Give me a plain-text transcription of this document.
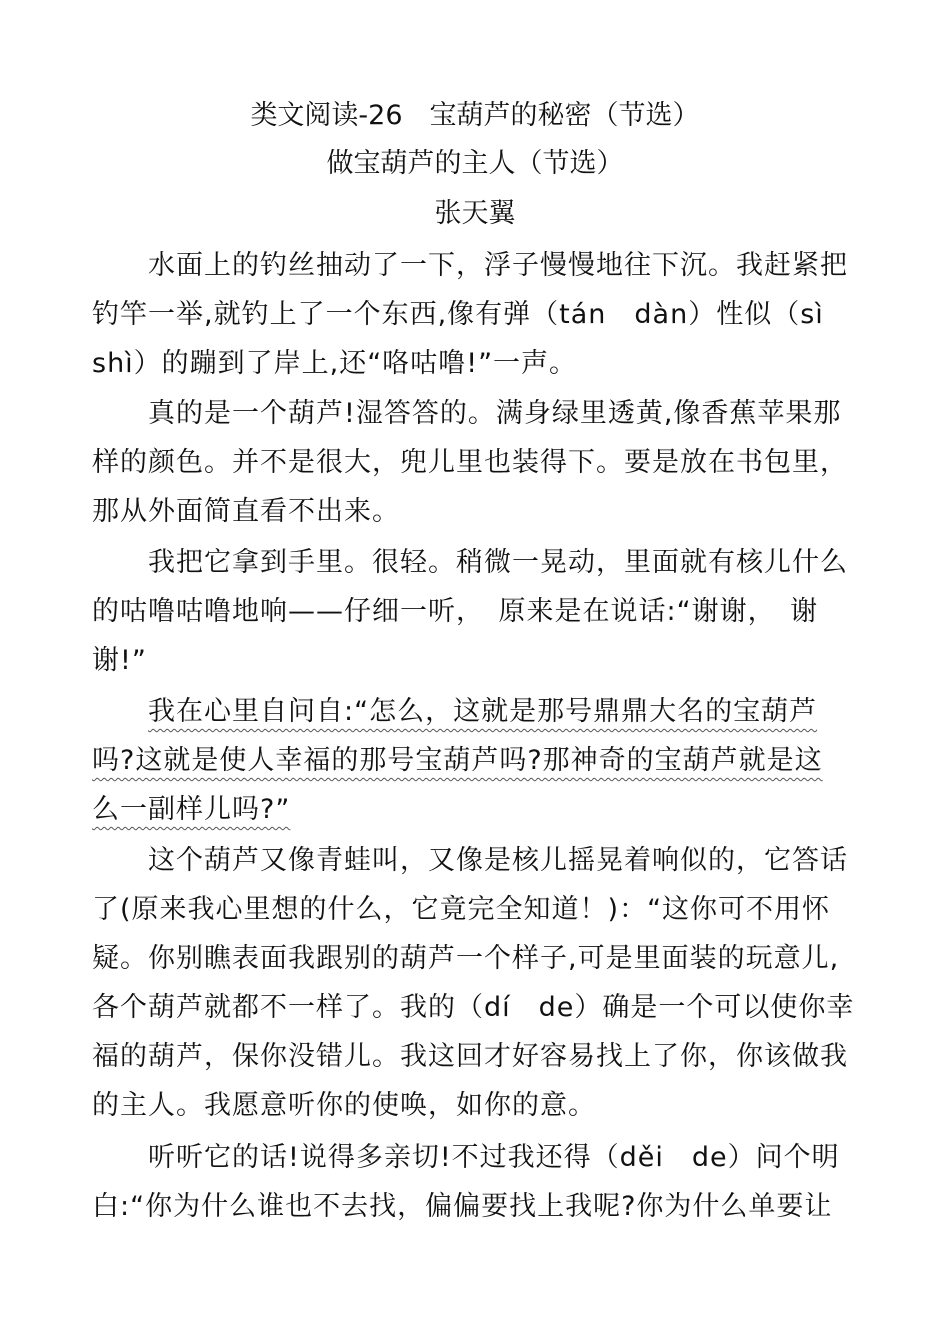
类文阅读-26　宝葫芦的秘密（节选）
做宝葫芦的主人（节选）
张天翼
水面上的钓丝抽动了一下，浮子慢慢地往下沉。我赶紧把
钓竿一举,就钓上了一个东西,像有弹（tán　dàn）性似（sì
shì）的蹦到了岸上,还“咯咕噜!”一声。
真的是一个葫芦!湿答答的。满身绿里透黄,像香蕉苹果那
样的颜色。并不是很大，兜儿里也装得下。要是放在书包里，
那从外面简直看不出来。
我把它拿到手里。很轻。稍微一晃动，里面就有核儿什么
的咕噜咕噜地响——仔细一听，　原来是在说话:“谢谢，　谢
谢!”
我在心里自问自:“怎么，这就是那号鼎鼎大名的宝葫芦
吗?这就是使人幸福的那号宝葫芦吗?那神奇的宝葫芦就是这
么一副样儿吗?”
这个葫芦又像青蛙叫，又像是核儿摇晃着响似的，它答话
了(原来我心里想的什么，它竟完全知道！)：“这你可不用怀
疑。你别瞧表面我跟别的葫芦一个样子,可是里面装的玩意儿,
各个葫芦就都不一样了。我的（dí　de）确是一个可以使你幸
福的葫芦，保你没错儿。我这回才好容易找上了你，你该做我
的主人。我愿意听你的使唤，如你的意。
听听它的话!说得多亲切!不过我还得（děi　de）问个明
白:“你为什么谁也不去找，偏偏要找上我呢?你为什么单要让
